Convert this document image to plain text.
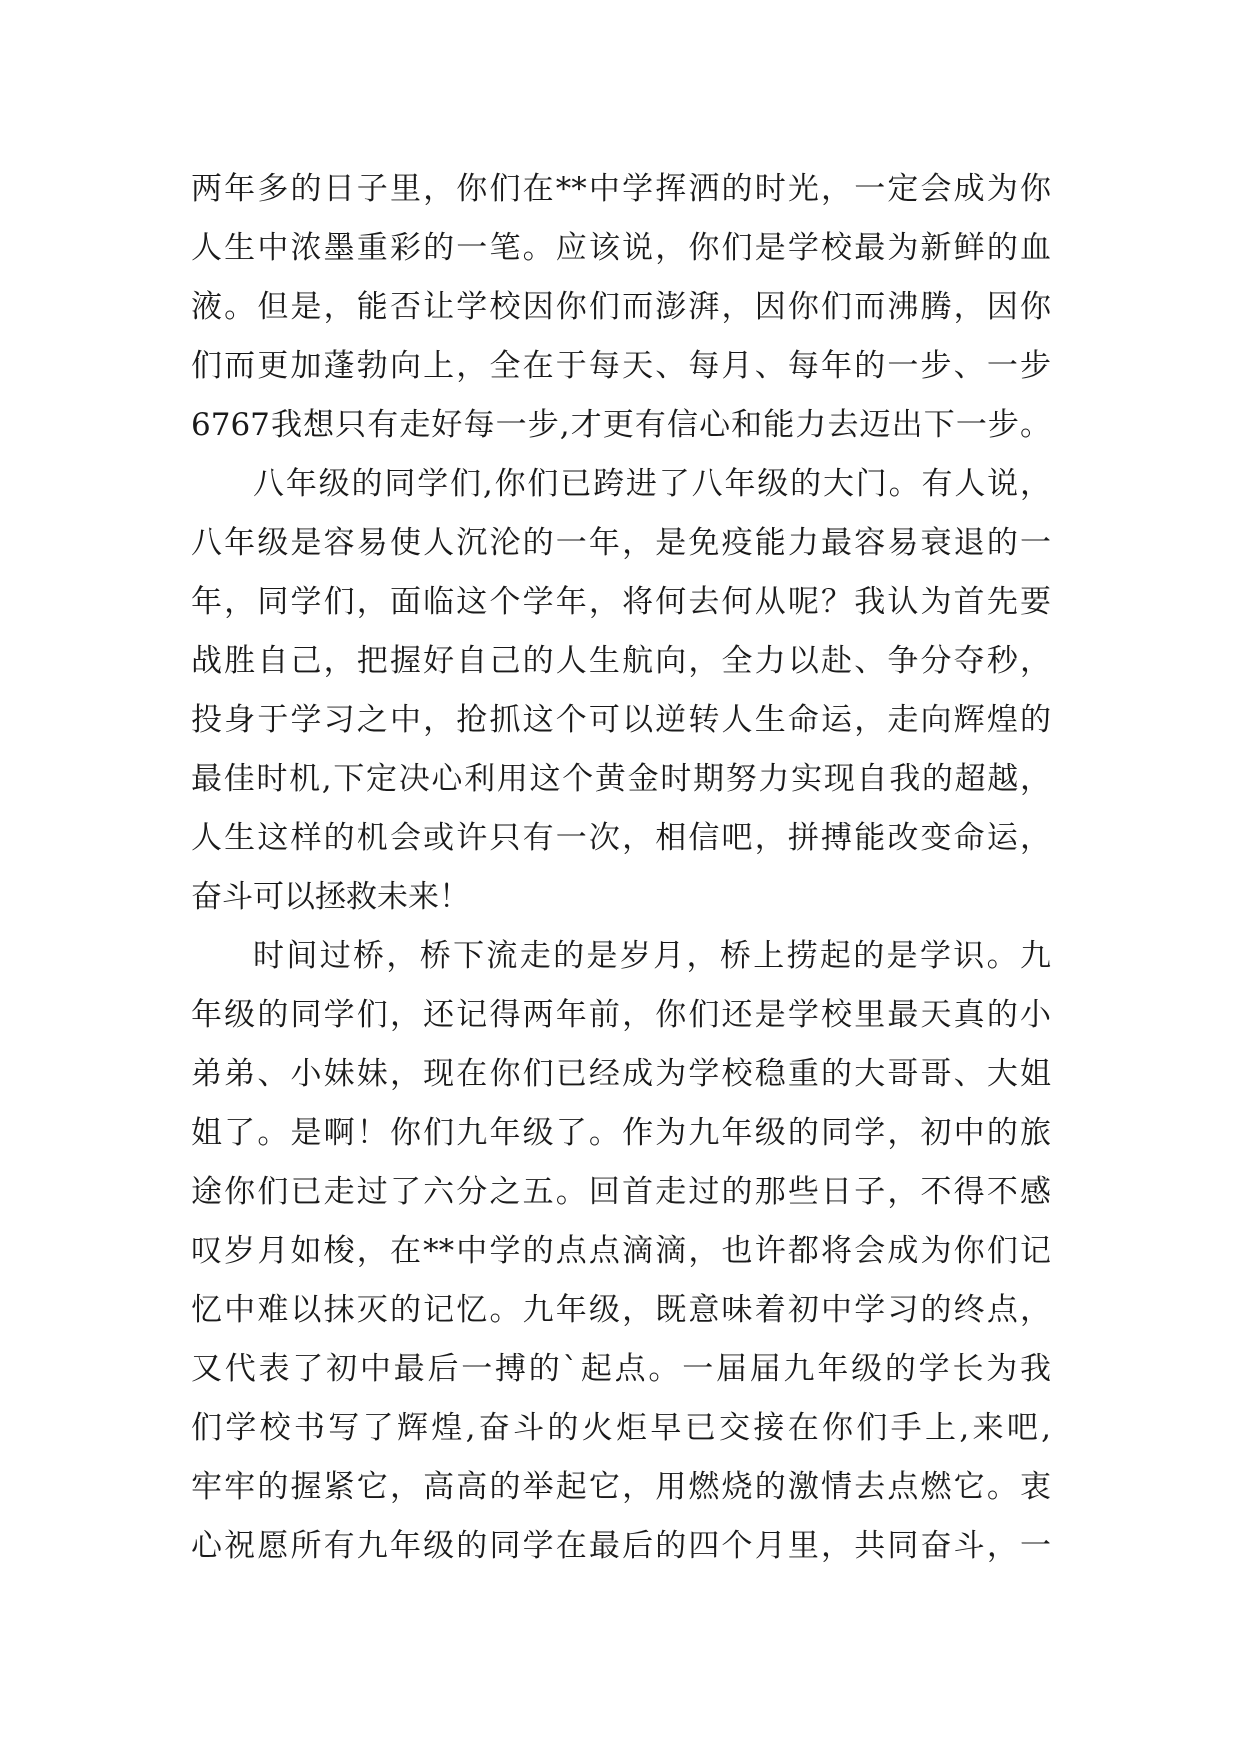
两年多的日子里，你们在**中学挥洒的时光，一定会成为你
人生中浓墨重彩的一笔。应该说，你们是学校最为新鲜的血
液。但是，能否让学校因你们而澎湃，因你们而沸腾，因你
们而更加蓬勃向上，全在于每天、每月、每年的一步、一步
6767我想只有走好每一步,才更有信心和能力去迈出下一步。
八年级的同学们,你们已跨进了八年级的大门。有人说，
八年级是容易使人沉沦的一年，是免疫能力最容易衰退的一
年，同学们，面临这个学年，将何去何从呢？我认为首先要
战胜自己，把握好自己的人生航向，全力以赴、争分夺秒，
投身于学习之中，抢抓这个可以逆转人生命运，走向辉煌的
最佳时机,下定决心利用这个黄金时期努力实现自我的超越，
人生这样的机会或许只有一次，相信吧，拼搏能改变命运，
奋斗可以拯救未来！
时间过桥，桥下流走的是岁月，桥上捞起的是学识。九
年级的同学们，还记得两年前，你们还是学校里最天真的小
弟弟、小妹妹，现在你们已经成为学校稳重的大哥哥、大姐
姐了。是啊！你们九年级了。作为九年级的同学，初中的旅
途你们已走过了六分之五。回首走过的那些日子，不得不感
叹岁月如梭，在**中学的点点滴滴，也许都将会成为你们记
忆中难以抹灭的记忆。九年级，既意味着初中学习的终点，
又代表了初中最后一搏的`起点。一届届九年级的学长为我
们学校书写了辉煌,奋斗的火炬早已交接在你们手上,来吧,
牢牢的握紧它，高高的举起它，用燃烧的激情去点燃它。衷
心祝愿所有九年级的同学在最后的四个月里，共同奋斗，一
